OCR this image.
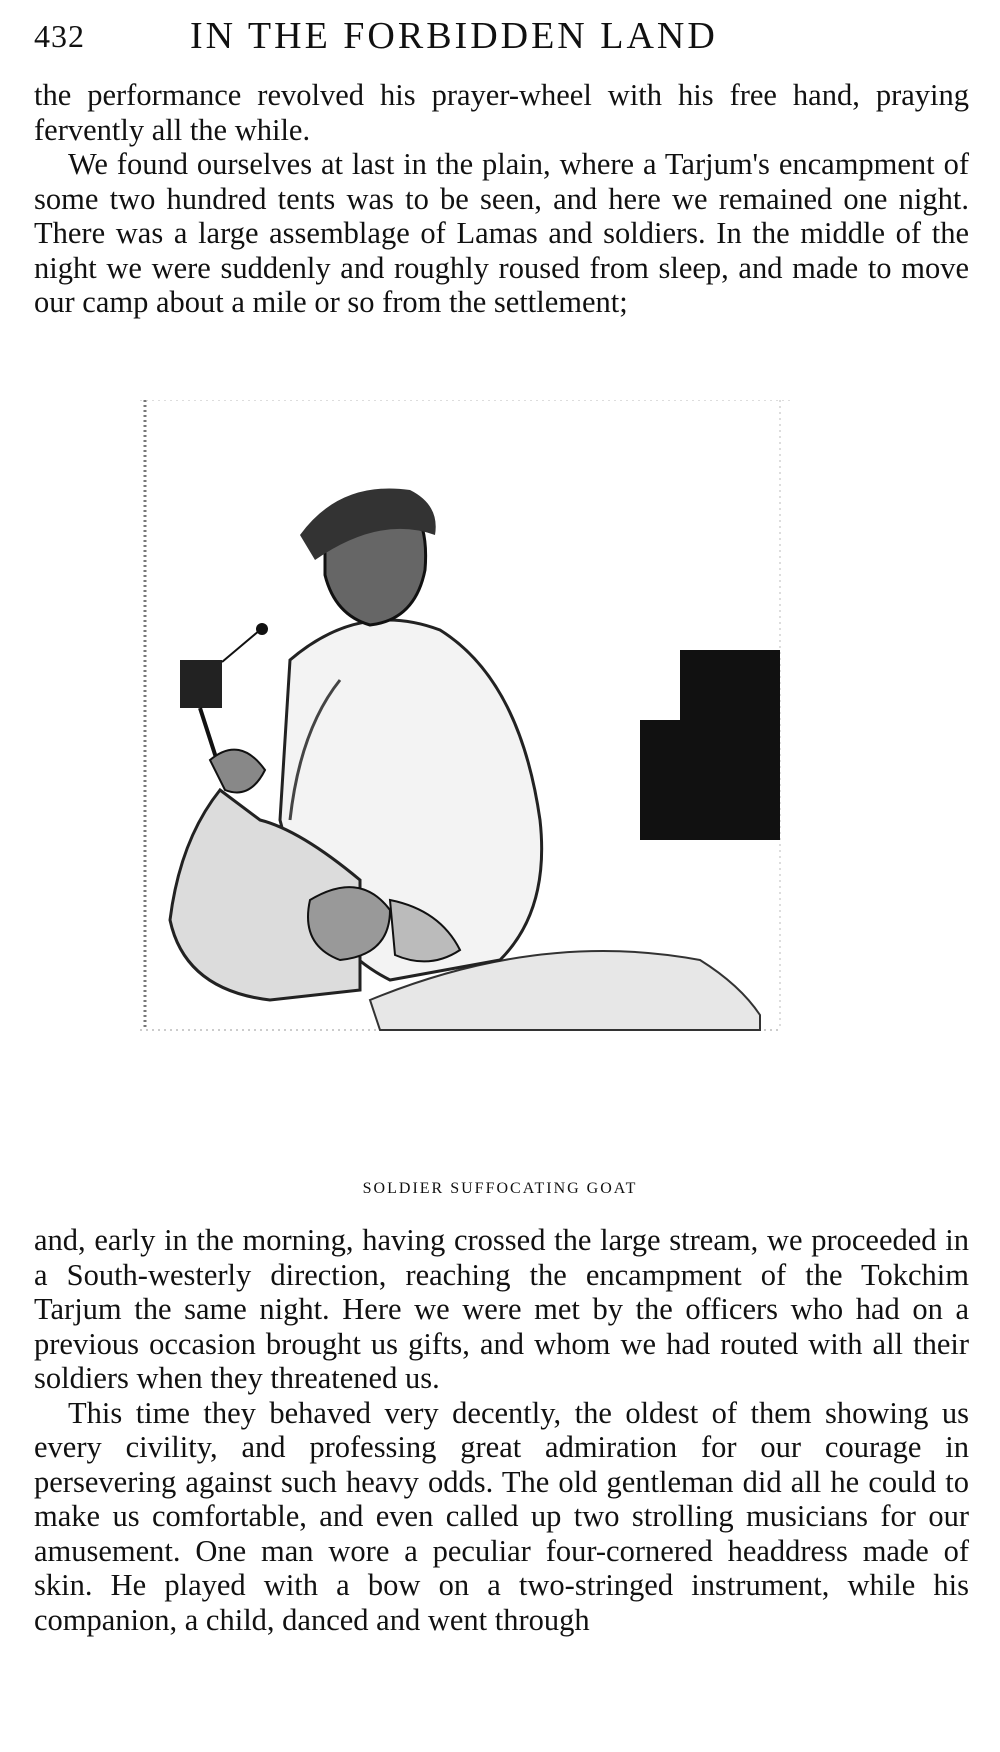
432	IN THE FORBIDDEN LAND

the performance revolved his prayer-wheel with his free hand, praying fervently all the while.

We found ourselves at last in the plain, where a Tarjum's encampment of some two hundred tents was to be seen, and here we remained one night. There was a large assemblage of Lamas and soldiers. In the middle of the night we were suddenly and roughly roused from sleep, and made to move our camp about a mile or so from the settlement;

SOLDIER SUFFOCATING GOAT

and, early in the morning, having crossed the large stream, we proceeded in a South-westerly direction, reaching the encampment of the Tokchim Tarjum the same night. Here we were met by the officers who had on a previous occasion brought us gifts, and whom we had routed with all their soldiers when they threatened us.

This time they behaved very decently, the oldest of them showing us every civility, and professing great admiration for our courage in persevering against such heavy odds. The old gentleman did all he could to make us comfortable, and even called up two strolling musicians for our amusement. One man wore a peculiar four-cornered headdress made of skin. He played with a bow on a two-stringed instrument, while his companion, a child, danced and went through
